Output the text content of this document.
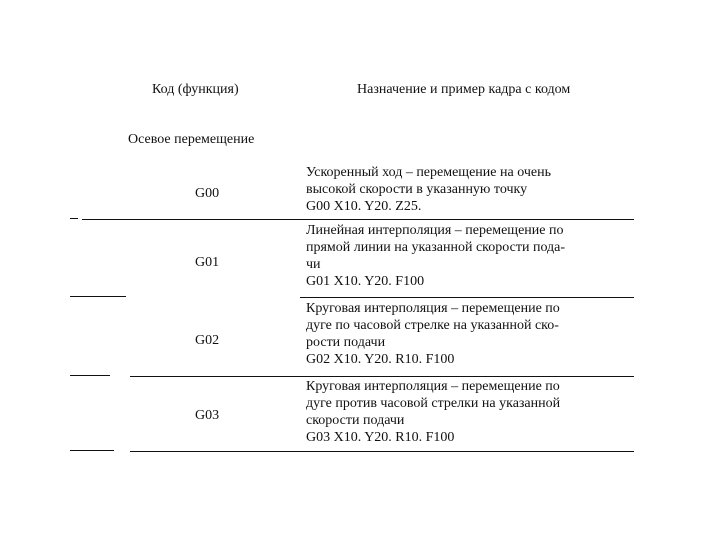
Код (функция)	Назначение и пример кадра с кодом
Осевое перемещение
G00
Ускоренный ход – перемещение на очень
высокой скорости в указанную точку
G00 X10. Y20. Z25.
G01
Линейная интерполяция – перемещение по
прямой линии на указанной скорости пода-
чи
G01 X10. Y20. F100
G02
Круговая интерполяция – перемещение по
дуге по часовой стрелке на указанной ско-
рости подачи
G02 X10. Y20. R10. F100
G03
Круговая интерполяция – перемещение по
дуге против часовой стрелки на указанной
скорости подачи
G03 X10. Y20. R10. F100
